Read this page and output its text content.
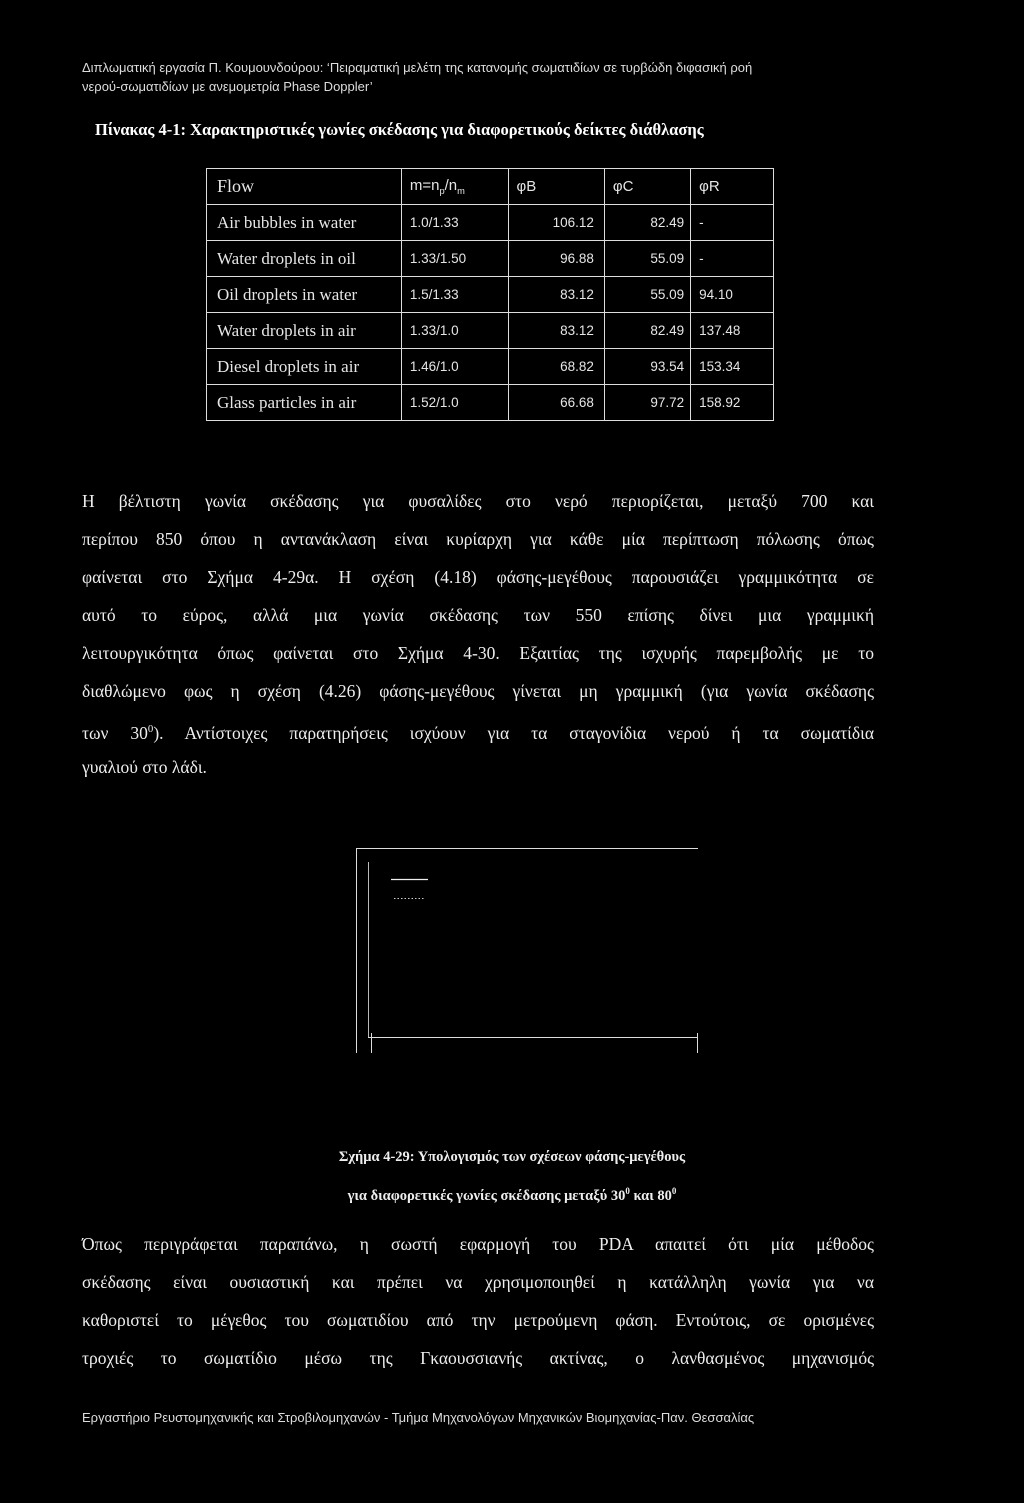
Διπλωματική εργασία Π. Κουμουνδούρου: ‘Πειραματική μελέτη της κατανομής σωματιδίων σε τυρβώδη διφασική ροή
νερού-σωματιδίων με ανεμομετρία Phase Doppler’
Πίνακας 4-1: Χαρακτηριστικές γωνίες σκέδασης για διαφορετικούς δείκτες διάθλασης
Flow	$m=n_p/n_m$	φB	φC	φR
Air bubbles in water	1.0/1.33	106.12	82.49	-
Water droplets in oil	1.33/1.50	96.88	55.09	-
Oil droplets in water	1.5/1.33	83.12	55.09	94.10
Water droplets in air	1.33/1.0	83.12	82.49	137.48
Diesel droplets in air	1.46/1.0	68.82	93.54	153.34
Glass particles in air	1.52/1.0	66.68	97.72	158.92
Η βέλτιστη γωνία σκέδασης για φυσαλίδες στο νερό περιορίζεται, μεταξύ 700 και
περίπου 850 όπου η αντανάκλαση είναι κυρίαρχη για κάθε μία περίπτωση πόλωσης όπως
φαίνεται στο Σχήμα 4-29α. Η σχέση (4.18) φάσης-μεγέθους παρουσιάζει γραμμικότητα σε
αυτό το εύρος, αλλά μια γωνία σκέδασης των 550 επίσης δίνει μια γραμμική
λειτουργικότητα όπως φαίνεται στο Σχήμα 4-30. Εξαιτίας της ισχυρής παρεμβολής με το
διαθλώμενο φως η σχέση (4.26) φάσης-μεγέθους γίνεται μη γραμμική (για γωνία σκέδασης
των $30^0$). Αντίστοιχες παρατηρήσεις ισχύουν για τα σταγονίδια νερού ή τα σωματίδια
γυαλιού στο λάδι.
Σχήμα 4-29: Υπολογισμός των σχέσεων φάσης-μεγέθους
για διαφορετικές γωνίες σκέδασης μεταξύ $30^0$ και $80^0$
Όπως περιγράφεται παραπάνω, η σωστή εφαρμογή του PDA απαιτεί ότι μία μέθοδος
σκέδασης είναι ουσιαστική και πρέπει να χρησιμοποιηθεί η κατάλληλη γωνία για να
καθοριστεί το μέγεθος του σωματιδίου από την μετρούμενη φάση. Εντούτοις, σε ορισμένες
τροχιές το σωματίδιο μέσω της Γκαουσσιανής ακτίνας, ο λανθασμένος μηχανισμός
Εργαστήριο Ρευστομηχανικής και Στροβιλομηχανών - Τμήμα Μηχανολόγων Μηχανικών Βιομηχανίας-Παν. Θεσσαλίας
